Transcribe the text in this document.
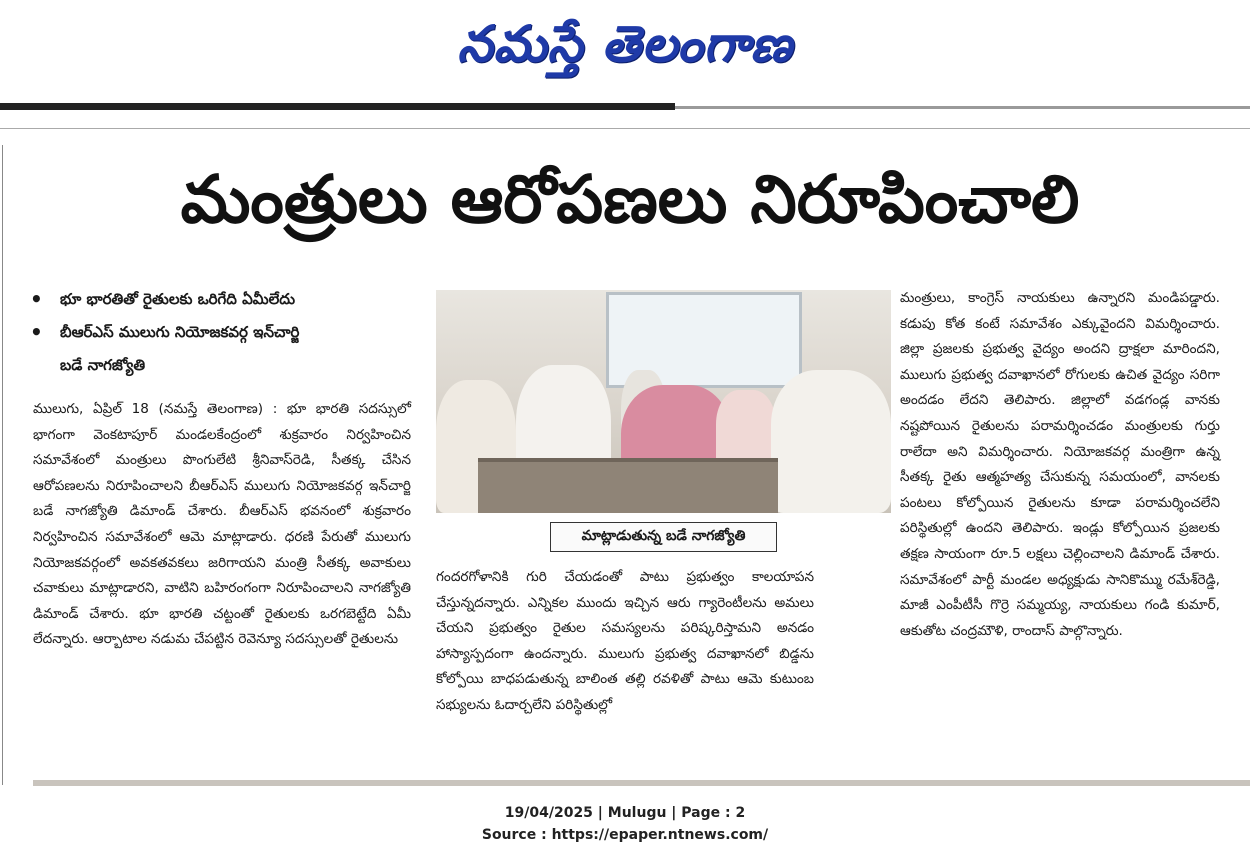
నమస్తే తెలంగాణ
మంత్రులు ఆరోపణలు నిరూపించాలి
•	భూ భారతితో రైతులకు ఒరిగేది ఏమీలేదు
•	బీఆర్ఎస్ ములుగు నియోజకవర్గ ఇన్‌చార్జి
బడే నాగజ్యోతి

ములుగు, ఏప్రిల్ 18 (నమస్తే తెలంగాణ) : భూ భారతి సదస్సులో భాగంగా వెంకటాపూర్ మండలకేంద్రంలో శుక్రవారం నిర్వహించిన సమావేశంలో మంత్రులు పొంగులేటి శ్రీనివాస్‌రెడి, సీతక్క చేసిన ఆరోపణలను నిరూపించాలని బీఆర్ఎస్ ములుగు నియోజకవర్గ ఇన్‌చార్జి బడే నాగజ్యోతి డిమాండ్ చేశారు. బీఆర్ఎస్ భవనంలో శుక్రవారం నిర్వహించిన సమావేశంలో ఆమె మాట్లాడారు. ధరణి పేరుతో ములుగు నియోజకవర్గంలో అవకతవకలు జరిగాయని మంత్రి సీతక్క అవాకులు చవాకులు మాట్లాడారని, వాటిని బహిరంగంగా నిరూపించాలని నాగజ్యోతి డిమాండ్ చేశారు. భూ భారతి చట్టంతో రైతులకు ఒరగబెట్టేది ఏమీ లేదన్నారు. ఆర్బాటాల నడుమ చేపట్టిన రెవెన్యూ సదస్సులతో రైతులను

మాట్లాడుతున్న బడే నాగజ్యోతి

గందరగోళానికి గురి చేయడంతో పాటు ప్రభుత్వం కాలయాపన చేస్తున్నదన్నారు. ఎన్నికల ముందు ఇచ్చిన ఆరు గ్యారెంటీలను అమలు చేయని ప్రభుత్వం రైతుల సమస్యలను పరిష్కరిస్తామని అనడం హాస్యాస్పదంగా ఉందన్నారు. ములుగు ప్రభుత్వ దవాఖానలో బిడ్డను కోల్పోయి బాధపడుతున్న బాలింత తల్లి రవళితో పాటు ఆమె కుటుంబ సభ్యులను ఓదార్చలేని పరిస్థితుల్లో

మంత్రులు, కాంగ్రెస్ నాయకులు ఉన్నారని మండిపడ్డారు. కడుపు కోత కంటే సమావేశం ఎక్కువైందని విమర్శించారు. జిల్లా ప్రజలకు ప్రభుత్వ వైద్యం అందని ద్రాక్షలా మారిందని, ములుగు ప్రభుత్వ దవాఖానలో రోగులకు ఉచిత వైద్యం సరిగా అందడం లేదని తెలిపారు. జిల్లాలో వడగండ్ల వానకు నష్టపోయిన రైతులను పరామర్శించడం మంత్రులకు గుర్తు రాలేదా అని విమర్శించారు. నియోజకవర్గ మంత్రిగా ఉన్న సీతక్క రైతు ఆత్మహత్య చేసుకున్న సమయంలో, వానలకు పంటలు కోల్పోయిన రైతులను కూడా పరామర్శించలేని పరిస్థితుల్లో ఉందని తెలిపారు. ఇండ్లు కోల్పోయిన ప్రజలకు తక్షణ సాయంగా రూ.5 లక్షలు చెల్లించాలని డిమాండ్ చేశారు. సమావేశంలో పార్టీ మండల అధ్యక్షుడు సానికొమ్ము రమేశ్‌రెడ్డి, మాజీ ఎంపీటీసీ గొర్రె సమ్మయ్య, నాయకులు గండి కుమార్, ఆకుతోట చంద్రమౌళి, రాందాస్ పాల్గొన్నారు.

19/04/2025 | Mulugu | Page : 2
Source : https://epaper.ntnews.com/
